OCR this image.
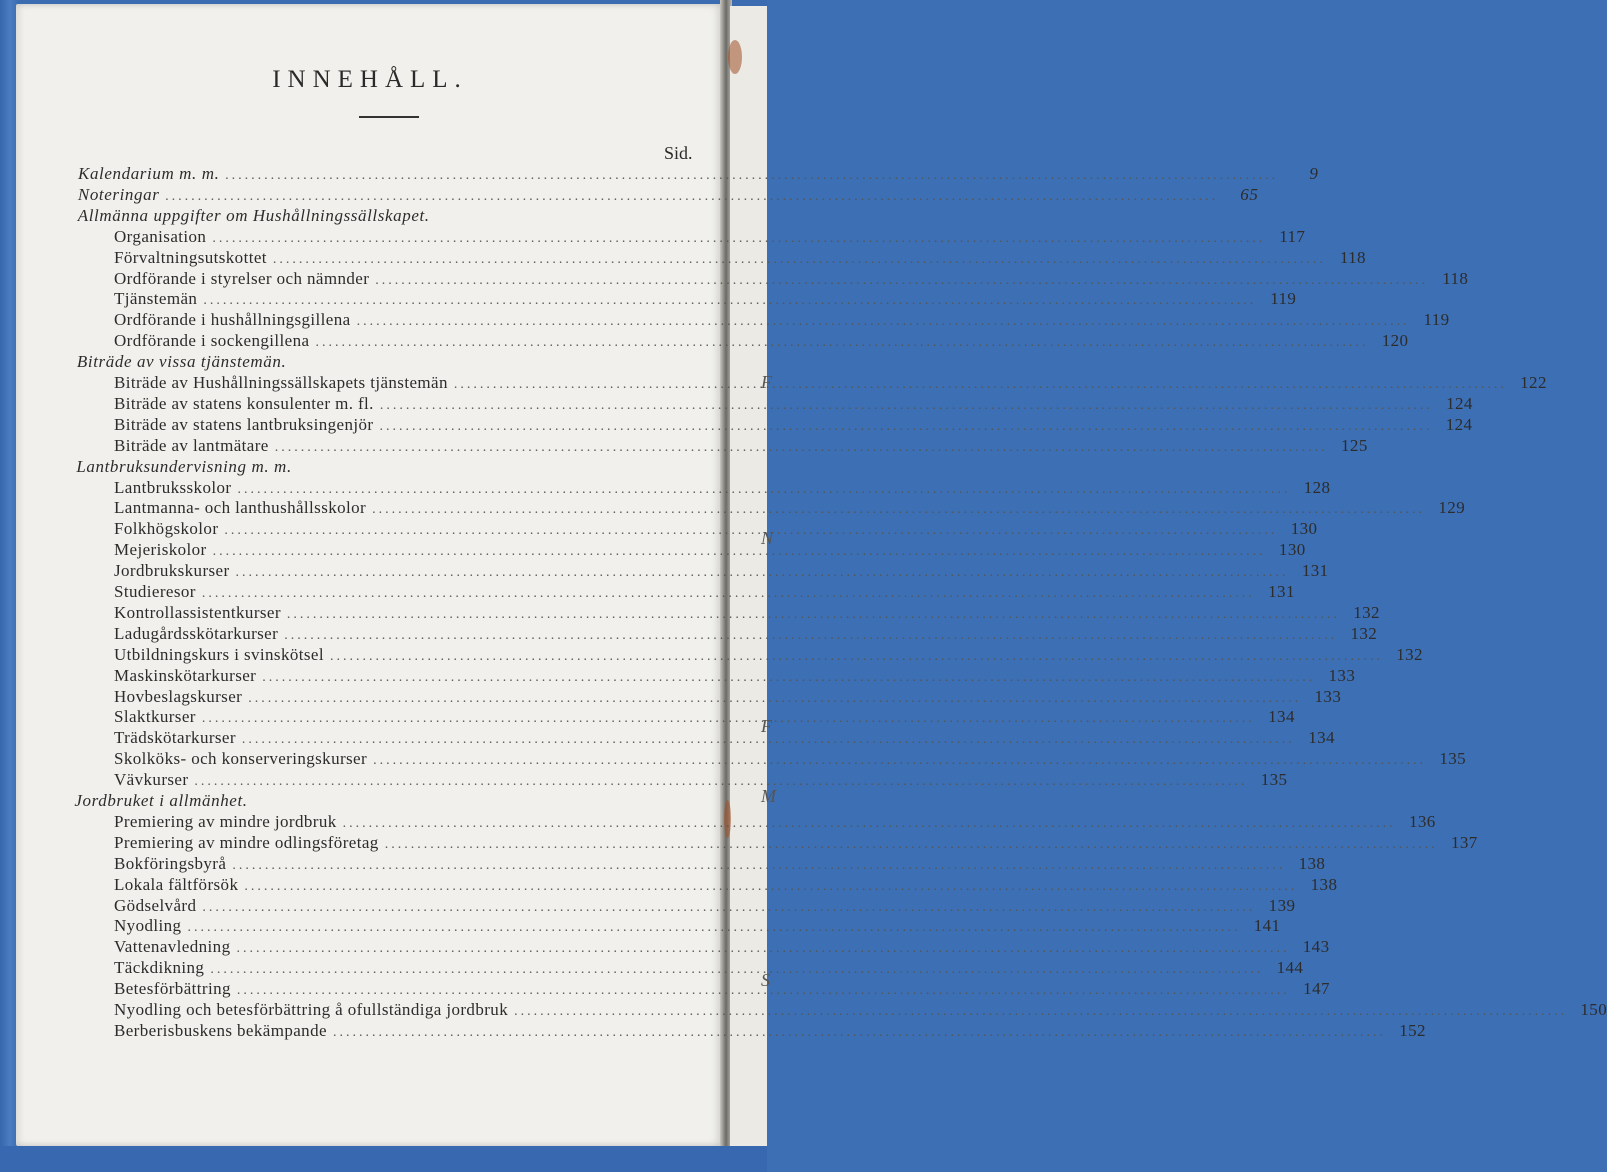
F
N
F
M
S
INNEHÅLL.
Sid.
Kalendarium m. m. .....	9
Noteringar .....	65
Allmänna uppgifter om Hushållningssällskapet.
Organisation .....	117
Förvaltningsutskottet .....	118
Ordförande i styrelser och nämnder .....	118
Tjänstemän .....	119
Ordförande i hushållningsgillena .....	119
Ordförande i sockengillena .....	120
Biträde av vissa tjänstemän.
Biträde av Hushållningssällskapets tjänstemän .....	122
Biträde av statens konsulenter m. fl. .....	124
Biträde av statens lantbruksingenjör .....	124
Biträde av lantmätare .....	125
Lantbruksundervisning m. m.
Lantbruksskolor .....	128
Lantmanna- och lanthushållsskolor .....	129
Folkhögskolor .....	130
Mejeriskolor .....	130
Jordbrukskurser .....	131
Studieresor .....	131
Kontrollassistentkurser .....	132
Ladugårdsskötarkurser .....	132
Utbildningskurs i svinskötsel .....	132
Maskinskötarkurser .....	133
Hovbeslagskurser .....	133
Slaktkurser .....	134
Trädskötarkurser .....	134
Skolköks- och konserveringskurser .....	135
Vävkurser .....	135
Jordbruket i allmänhet.
Premiering av mindre jordbruk .....	136
Premiering av mindre odlingsföretag .....	137
Bokföringsbyrå .....	138
Lokala fältförsök .....	138
Gödselvård .....	139
Nyodling .....	141
Vattenavledning .....	143
Täckdikning .....	144
Betesförbättring .....	147
Nyodling och betesförbättring å ofullständiga jordbruk .....	150
Berberisbuskens bekämpande .....	152
